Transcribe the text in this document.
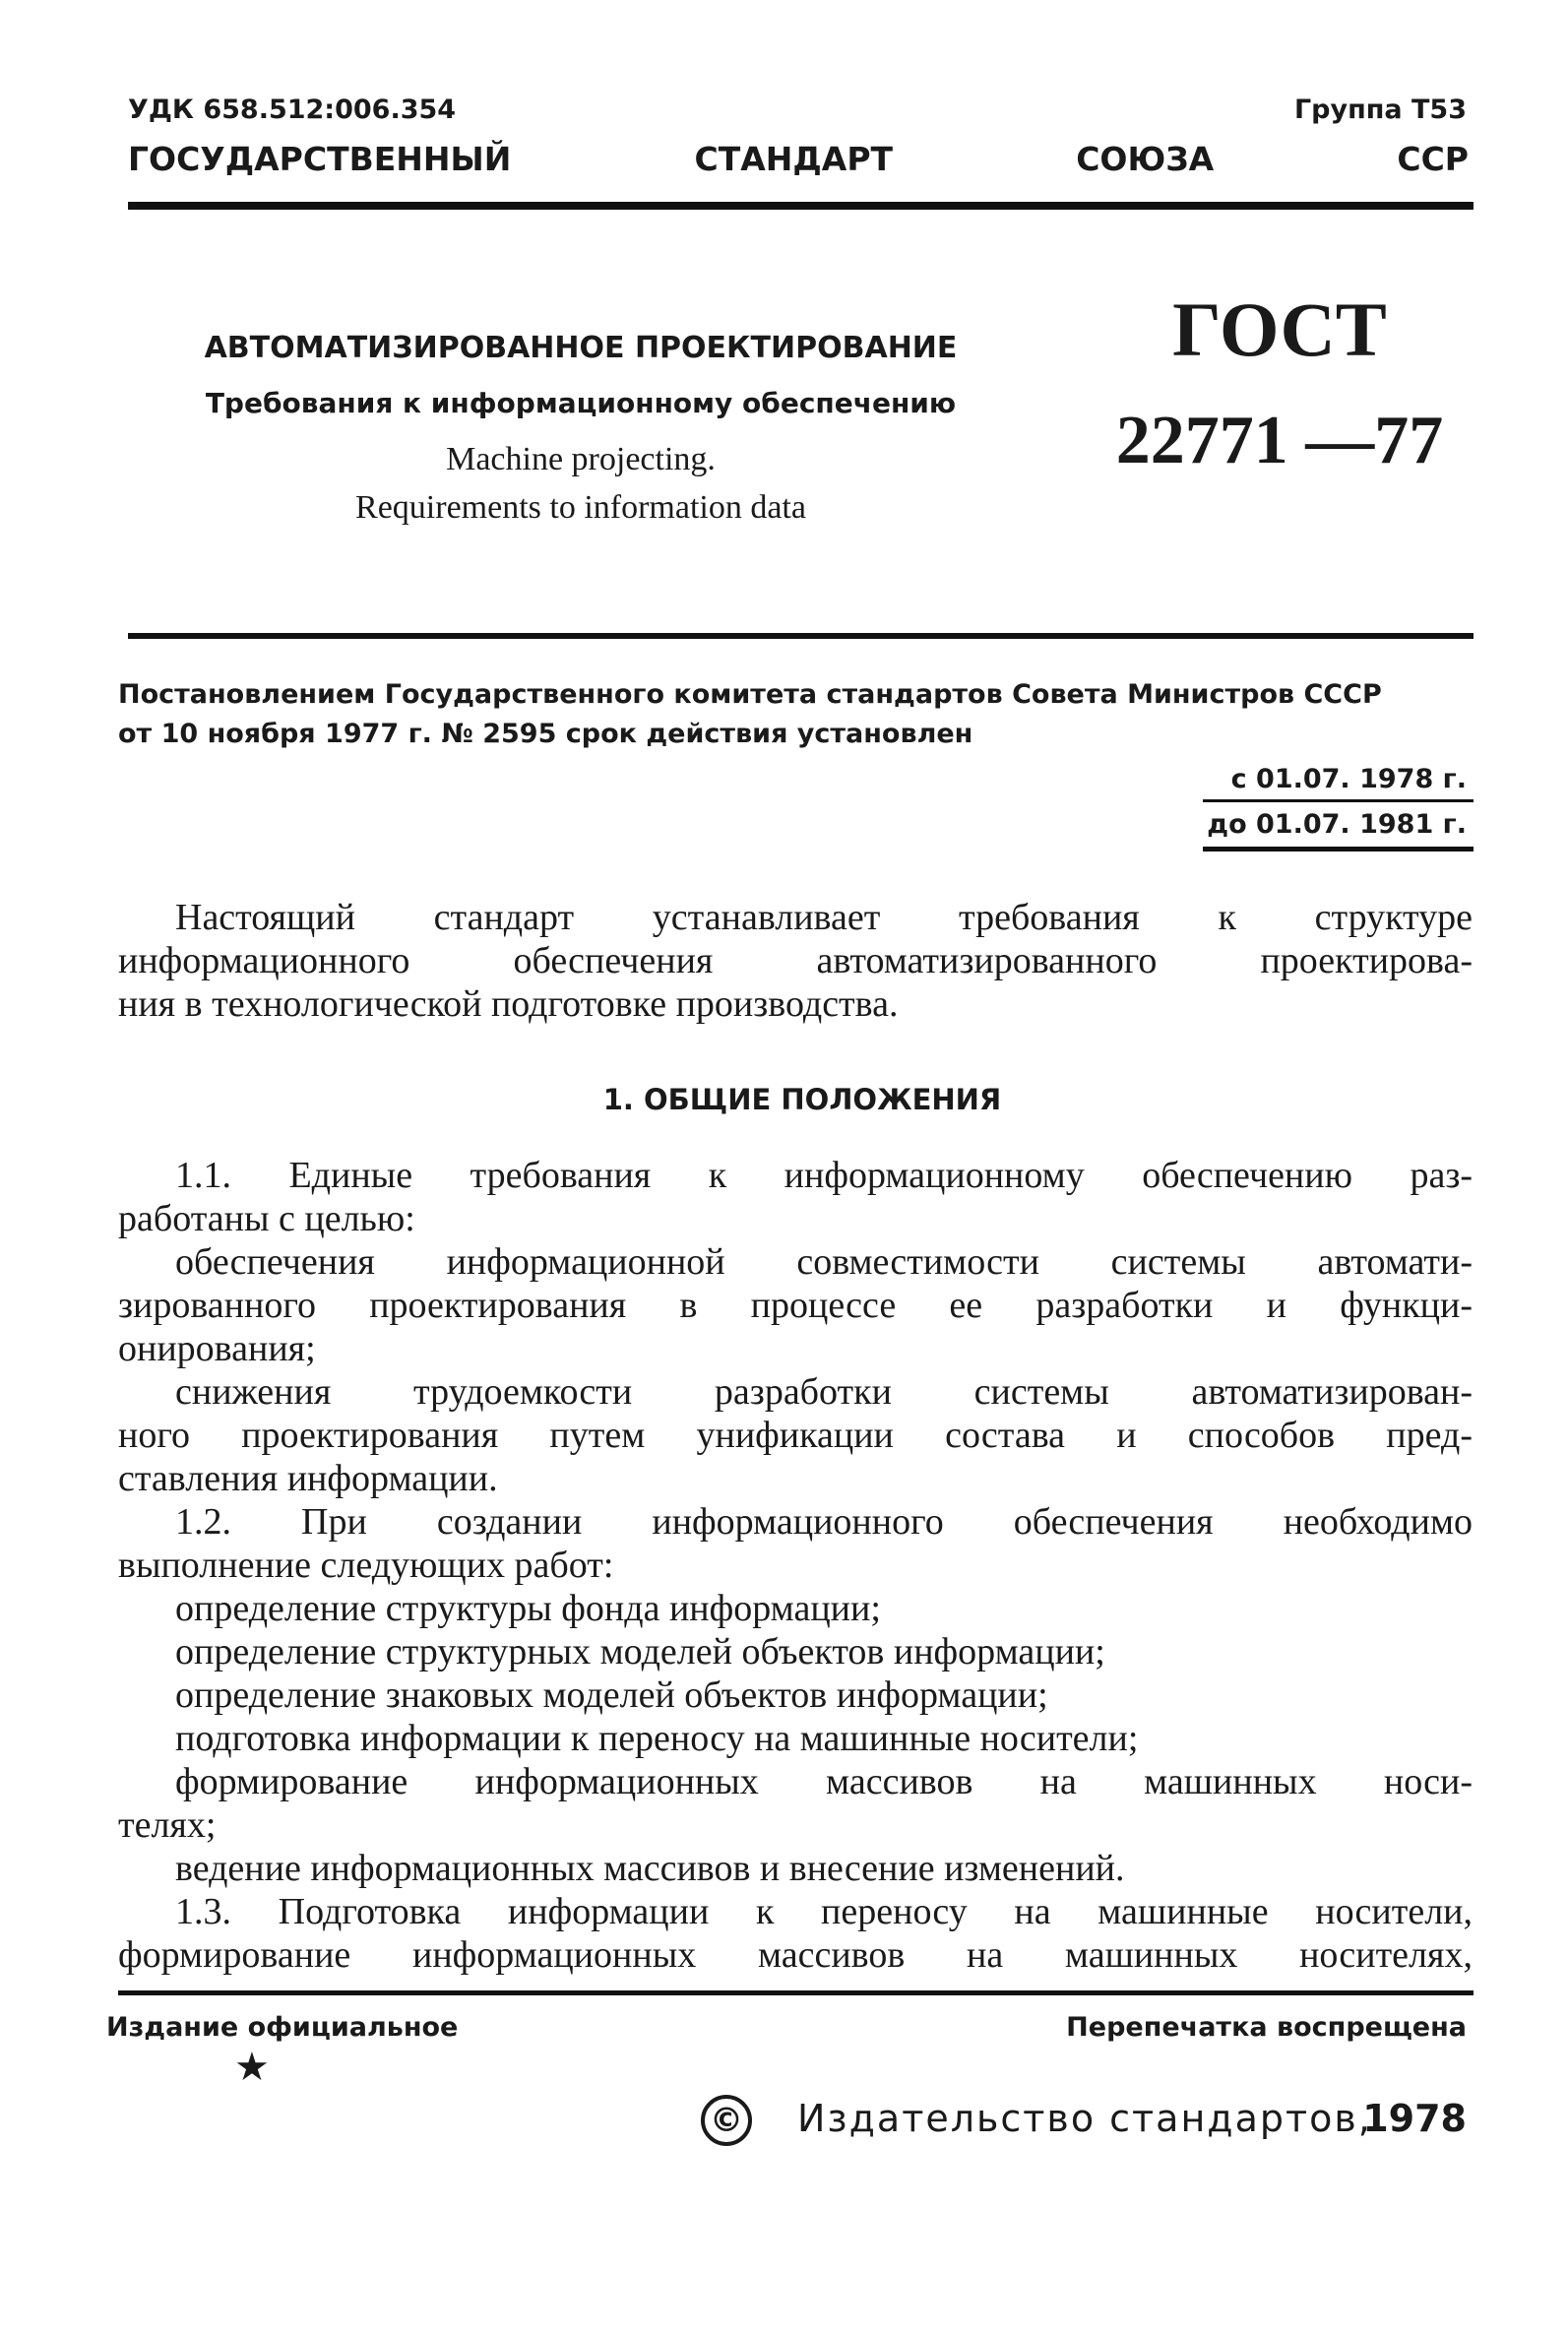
УДК 658.512:006.354	Группа Т53
ГОСУДАРСТВЕННЫЙ	СТАНДАРТ	СОЮЗА	ССР
АВТОМАТИЗИРОВАННОЕ ПРОЕКТИРОВАНИЕ
Требования к информационному обеспечению
Machine projecting.
Requirements to information data
ГОСТ
22771 —77
Постановлением Государственного комитета стандартов Совета Министров СССР
от 10 ноября 1977 г. № 2595 срок действия установлен
с 01.07. 1978 г.
до 01.07. 1981 г.
Настоящий стандарт устанавливает требования к структуре
информационного обеспечения автоматизированного проектирова-
ния в технологической подготовке производства.
1. ОБЩИЕ ПОЛОЖЕНИЯ
1.1. Единые требования к информационному обеспечению раз-
работаны с целью:
обеспечения информационной совместимости системы автомати-
зированного проектирования в процессе ее разработки и функци-
онирования;
снижения трудоемкости разработки системы автоматизирован-
ного проектирования путем унификации состава и способов пред-
ставления информации.
1.2. При создании информационного обеспечения необходимо
выполнение следующих работ:
определение структуры фонда информации;
определение структурных моделей объектов информации;
определение знаковых моделей объектов информации;
подготовка информации к переносу на машинные носители;
формирование информационных массивов на машинных носи-
телях;
ведение информационных массивов и внесение изменений.
1.3. Подготовка информации к переносу на машинные носители,
формирование информационных массивов на машинных носителях,
Издание официальное
★
Перепечатка воспрещена
© Издательство стандартов,
1978
